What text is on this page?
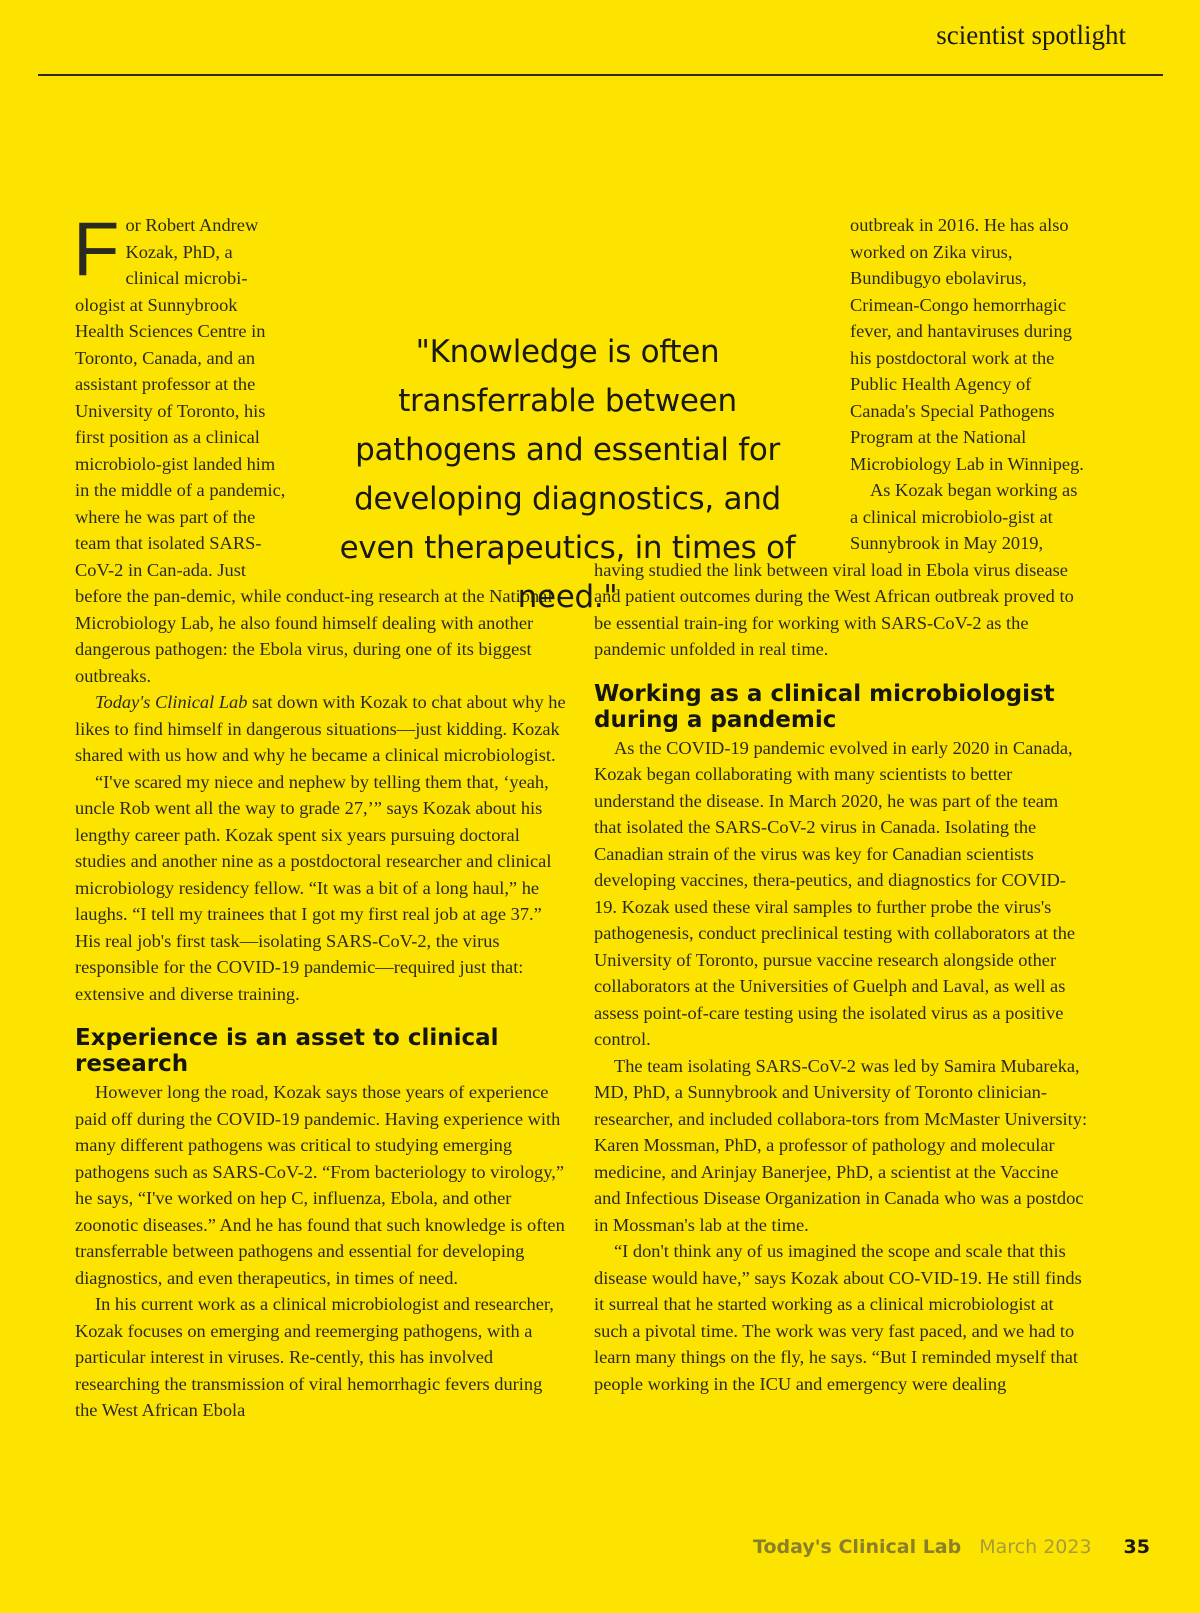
scientist spotlight

F or Robert Andrew Kozak, PhD, a clinical microbi-ologist at Sunnybrook Health Sciences Centre in Toronto, Canada, and an assistant professor at the University of Toronto, his first position as a clinical microbiolo-gist landed him in the middle of a pandemic, where he was part of the team that isolated SARS-CoV-2 in Can-ada. Just before the pan-demic, while conduct-ing research at the National Microbiology Lab, he also found himself dealing with another dangerous pathogen: the Ebola virus, during one of its biggest outbreaks.

Today's Clinical Lab sat down with Kozak to chat about why he likes to find himself in dangerous situations—just kidding. Kozak shared with us how and why he became a clinical microbiologist.

“I've scared my niece and nephew by telling them that, ‘yeah, uncle Rob went all the way to grade 27,’” says Kozak about his lengthy career path. Kozak spent six years pursuing doctoral studies and another nine as a postdoctoral researcher and clinical microbiology residency fellow. “It was a bit of a long haul,” he laughs. “I tell my trainees that I got my first real job at age 37.” His real job's first task—isolating SARS-CoV-2, the virus responsible for the COVID-19 pandemic—required just that: extensive and diverse training.

Experience is an asset to clinical research

However long the road, Kozak says those years of experience paid off during the COVID-19 pandemic. Having experience with many different pathogens was critical to studying emerging pathogens such as SARS-CoV-2. “From bacteriology to virology,” he says, “I've worked on hep C, influenza, Ebola, and other zoonotic diseases.” And he has found that such knowledge is often transferrable between pathogens and essential for developing diagnostics, and even therapeutics, in times of need.

In his current work as a clinical microbiologist and researcher, Kozak focuses on emerging and reemerging pathogens, with a particular interest in viruses. Re-cently, this has involved researching the transmission of viral hemorrhagic fevers during the West African Ebola

outbreak in 2016. He has also worked on Zika virus, Bundibugyo ebolavirus, Crimean-Congo hemorrhagic fever, and hantaviruses during his postdoctoral work at the Public Health Agency of Canada's Special Pathogens Program at the National Microbiology Lab in Winnipeg.

As Kozak began working as a clinical microbiolo-gist at Sunnybrook in May 2019, having studied the link between viral load in Ebola virus disease and patient outcomes during the West African outbreak proved to be essential train-ing for working with SARS-CoV-2 as the pandemic unfolded in real time.

Working as a clinical microbiologist during a pandemic

As the COVID-19 pandemic evolved in early 2020 in Canada, Kozak began collaborating with many scientists to better understand the disease. In March 2020, he was part of the team that isolated the SARS-CoV-2 virus in Canada. Isolating the Canadian strain of the virus was key for Canadian scientists developing vaccines, thera-peutics, and diagnostics for COVID-19. Kozak used these viral samples to further probe the virus's pathogenesis, conduct preclinical testing with collaborators at the University of Toronto, pursue vaccine research alongside other collaborators at the Universities of Guelph and Laval, as well as assess point-of-care testing using the isolated virus as a positive control.

The team isolating SARS-CoV-2 was led by Samira Mubareka, MD, PhD, a Sunnybrook and University of Toronto clinician-researcher, and included collabora-tors from McMaster University: Karen Mossman, PhD, a professor of pathology and molecular medicine, and Arinjay Banerjee, PhD, a scientist at the Vaccine and Infectious Disease Organization in Canada who was a postdoc in Mossman's lab at the time.

“I don't think any of us imagined the scope and scale that this disease would have,” says Kozak about CO-VID-19. He still finds it surreal that he started working as a clinical microbiologist at such a pivotal time. The work was very fast paced, and we had to learn many things on the fly, he says. “But I reminded myself that people working in the ICU and emergency were dealing

"Knowledge is often transferrable between pathogens and essential for developing diagnostics, and even therapeutics, in times of need."
Today's Clinical Lab March 2023 35
